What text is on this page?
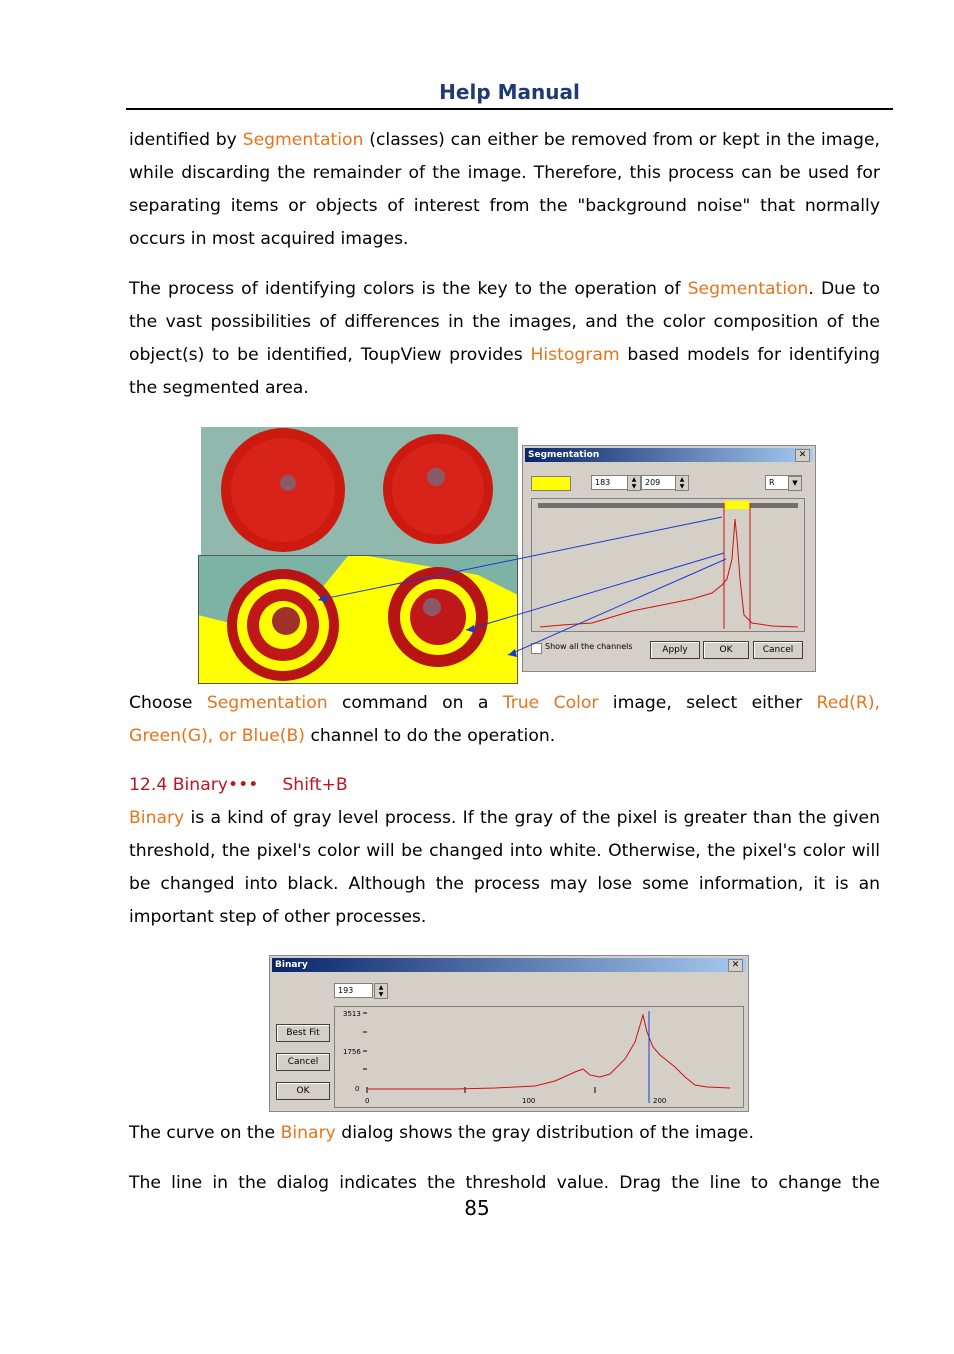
Help Manual

identified by Segmentation (classes) can either be removed from or kept in the image, while discarding the remainder of the image. Therefore, this process can be used for separating items or objects of interest from the "background noise" that normally occurs in most acquired images.

The process of identifying colors is the key to the operation of Segmentation. Due to the vast possibilities of differences in the images, and the color composition of the object(s) to be identified, ToupView provides Histogram based models for identifying the segmented area.

Segmentation	✕
183	▲
▼	209	▲
▼	R	▼
Show all the channels	Apply	OK	Cancel

Choose Segmentation command on a True Color image, select either Red(R), Green(G), or Blue(B) channel to do the operation.

12.4 Binary••• Shift+B

Binary is a kind of gray level process. If the gray of the pixel is greater than the given threshold, the pixel's color will be changed into white. Otherwise, the pixel's color will be changed into black. Although the process may lose some information, it is an important step of other processes.

Binary	✕
193	▲
▼
Best Fit
Cancel
OK
3513
1756
0
0	100	200

The curve on the Binary dialog shows the gray distribution of the image.

The line in the dialog indicates the threshold value. Drag the line to change the

85
